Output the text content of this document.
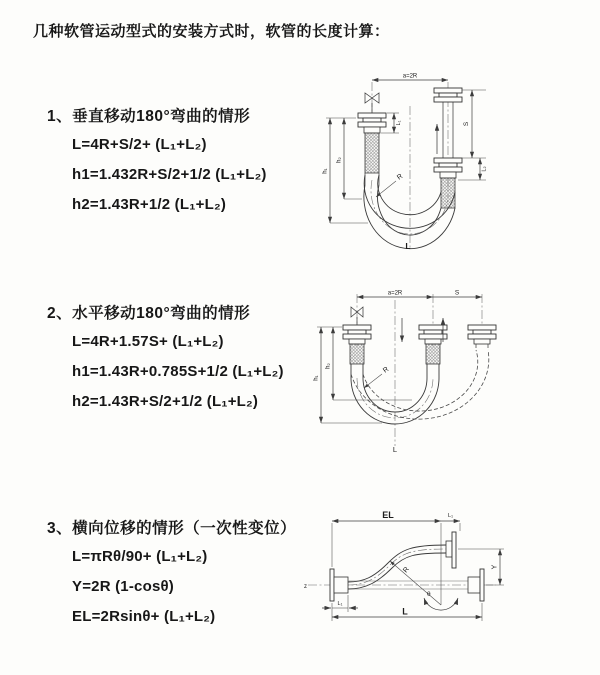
几种软管运动型式的安装方式时，软管的长度计算：
1、垂直移动180°弯曲的情形
L=4R+S/2+ (L₁+L₂)
h1=1.432R+S/2+1/2 (L₁+L₂)
h2=1.43R+1/2 (L₁+L₂)
2、水平移动180°弯曲的情形
L=4R+1.57S+ (L₁+L₂)
h1=1.43R+0.785S+1/2 (L₁+L₂)
h2=1.43R+S/2+1/2 (L₁+L₂)
3、横向位移的情形（一次性变位）
L=πRθ/90+ (L₁+L₂)
Y=2R (1-cosθ)
EL=2Rsinθ+ (L₁+L₂)
a=2R
S
L₂
L₁
h₁
h₂
R
L
a=2R	S
h₁
h₂	R
L
z
EL	L₁
Y
L
L₁
R
θ
